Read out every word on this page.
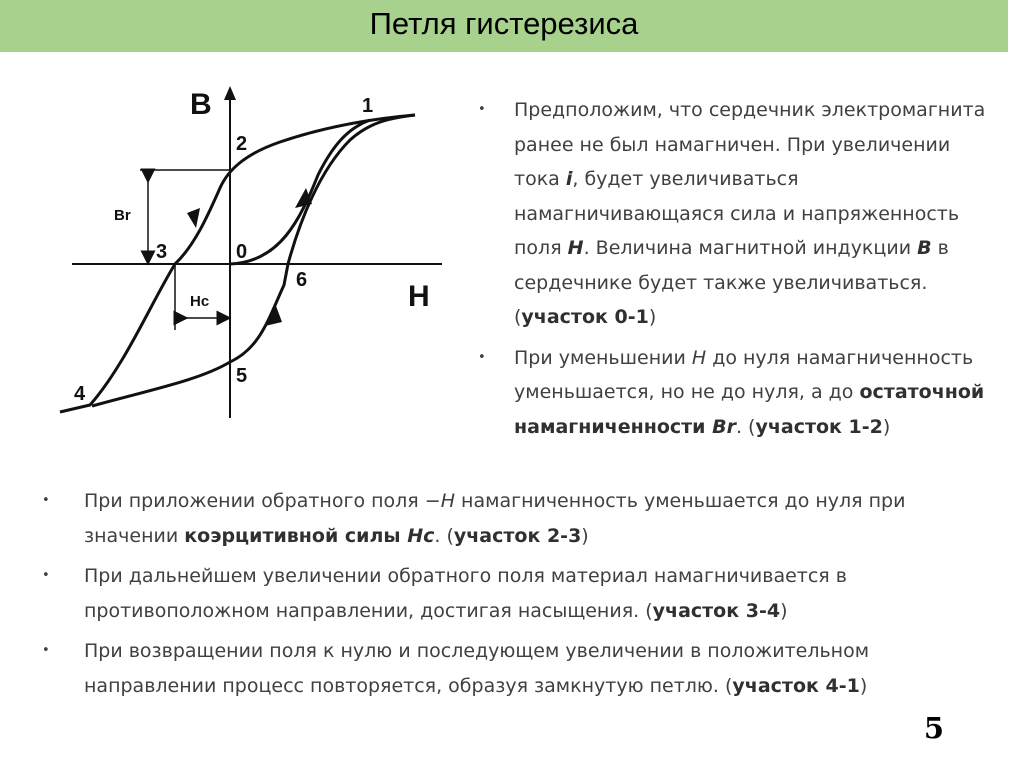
Петля гистерезиса
B
H
1
2
3	0
6
4
5
Br
Hc
• Предположим, что сердечник электромагнита ранее не был намагничен. При увеличении тока i, будет увеличиваться намагничивающаяся сила и напряженность поля H. Величина магнитной индукции B в сердечнике будет также увеличиваться. (участок 0-1)
• При уменьшении H до нуля намагниченность уменьшается, но не до нуля, а до остаточной намагниченности Br. (участок 1-2)
• При приложении обратного поля −H намагниченность уменьшается до нуля при значении коэрцитивной силы Hc. (участок 2-3)
• При дальнейшем увеличении обратного поля материал намагничивается в противоположном направлении, достигая насыщения. (участок 3-4)
• При возвращении поля к нулю и последующем увеличении в положительном направлении процесс повторяется, образуя замкнутую петлю. (участок 4-1)
5
